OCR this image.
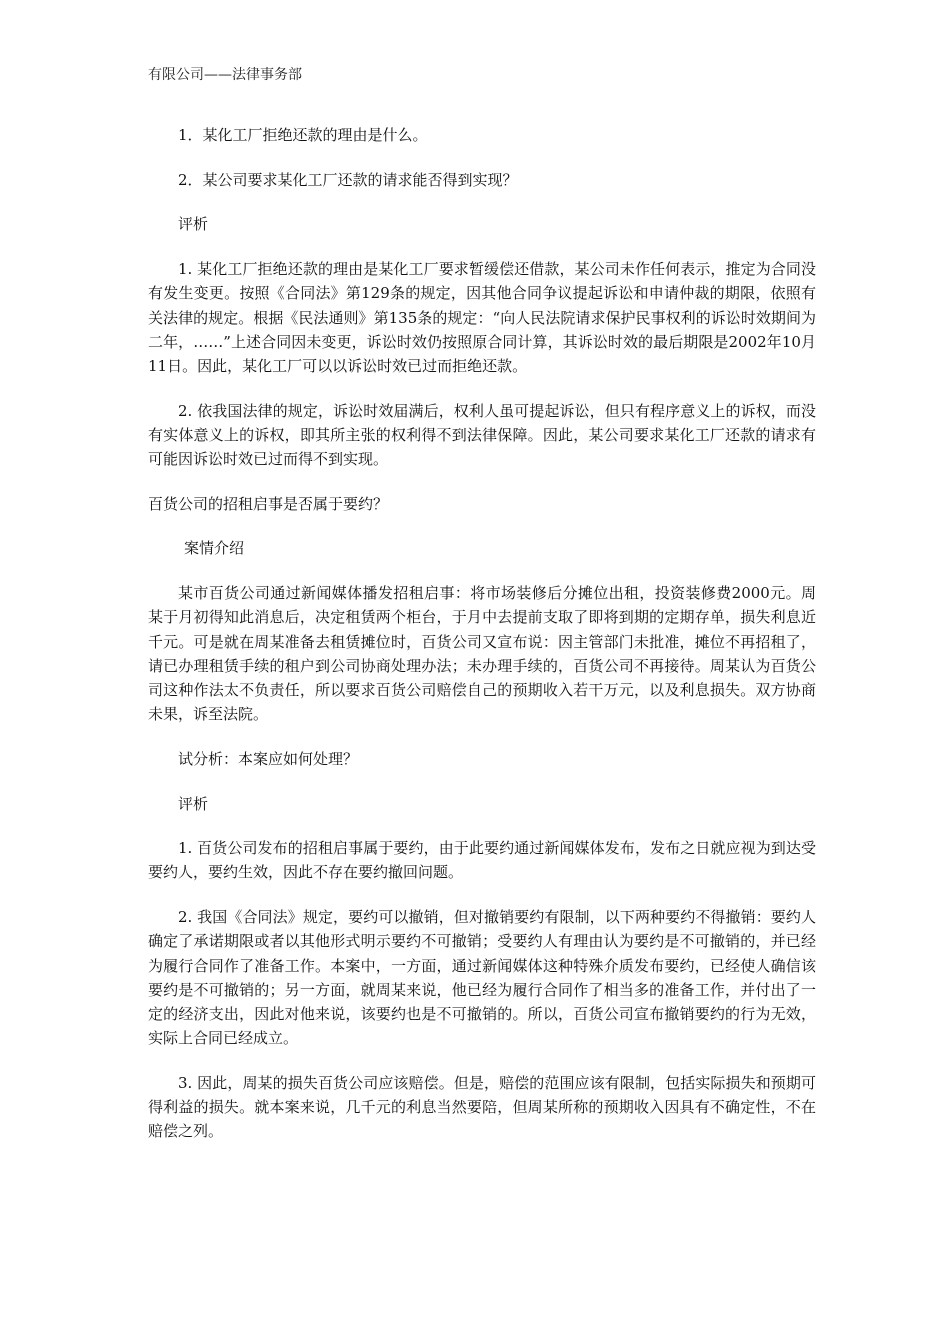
有限公司——法律事务部

1．某化工厂拒绝还款的理由是什么。

2．某公司要求某化工厂还款的请求能否得到实现？

评析

1. 某化工厂拒绝还款的理由是某化工厂要求暂缓偿还借款，某公司未作任何表示，推定为合同没有发生变更。按照《合同法》第129条的规定，因其他合同争议提起诉讼和申请仲裁的期限，依照有关法律的规定。根据《民法通则》第135条的规定：“向人民法院请求保护民事权利的诉讼时效期间为二年，……”上述合同因未变更，诉讼时效仍按照原合同计算，其诉讼时效的最后期限是2002年10月11日。因此，某化工厂可以以诉讼时效已过而拒绝还款。

2. 依我国法律的规定，诉讼时效届满后，权利人虽可提起诉讼，但只有程序意义上的诉权，而没有实体意义上的诉权，即其所主张的权利得不到法律保障。因此，某公司要求某化工厂还款的请求有可能因诉讼时效已过而得不到实现。

百货公司的招租启事是否属于要约？

案情介绍

某市百货公司通过新闻媒体播发招租启事：将市场装修后分摊位出租，投资装修费2000元。周某于月初得知此消息后，决定租赁两个柜台，于月中去提前支取了即将到期的定期存单，损失利息近千元。可是就在周某准备去租赁摊位时，百货公司又宣布说：因主管部门未批准，摊位不再招租了，请已办理租赁手续的租户到公司协商处理办法；未办理手续的，百货公司不再接待。周某认为百货公司这种作法太不负责任，所以要求百货公司赔偿自己的预期收入若干万元，以及利息损失。双方协商未果，诉至法院。

试分析：本案应如何处理？

评析

1. 百货公司发布的招租启事属于要约，由于此要约通过新闻媒体发布，发布之日就应视为到达受要约人，要约生效，因此不存在要约撤回问题。

2. 我国《合同法》规定，要约可以撤销，但对撤销要约有限制，以下两种要约不得撤销：要约人确定了承诺期限或者以其他形式明示要约不可撤销；受要约人有理由认为要约是不可撤销的，并已经为履行合同作了准备工作。本案中，一方面，通过新闻媒体这种特殊介质发布要约，已经使人确信该要约是不可撤销的；另一方面，就周某来说，他已经为履行合同作了相当多的准备工作，并付出了一定的经济支出，因此对他来说，该要约也是不可撤销的。所以，百货公司宣布撤销要约的行为无效，实际上合同已经成立。

3. 因此，周某的损失百货公司应该赔偿。但是，赔偿的范围应该有限制，包括实际损失和预期可得利益的损失。就本案来说，几千元的利息当然要陪，但周某所称的预期收入因具有不确定性，不在赔偿之列。
